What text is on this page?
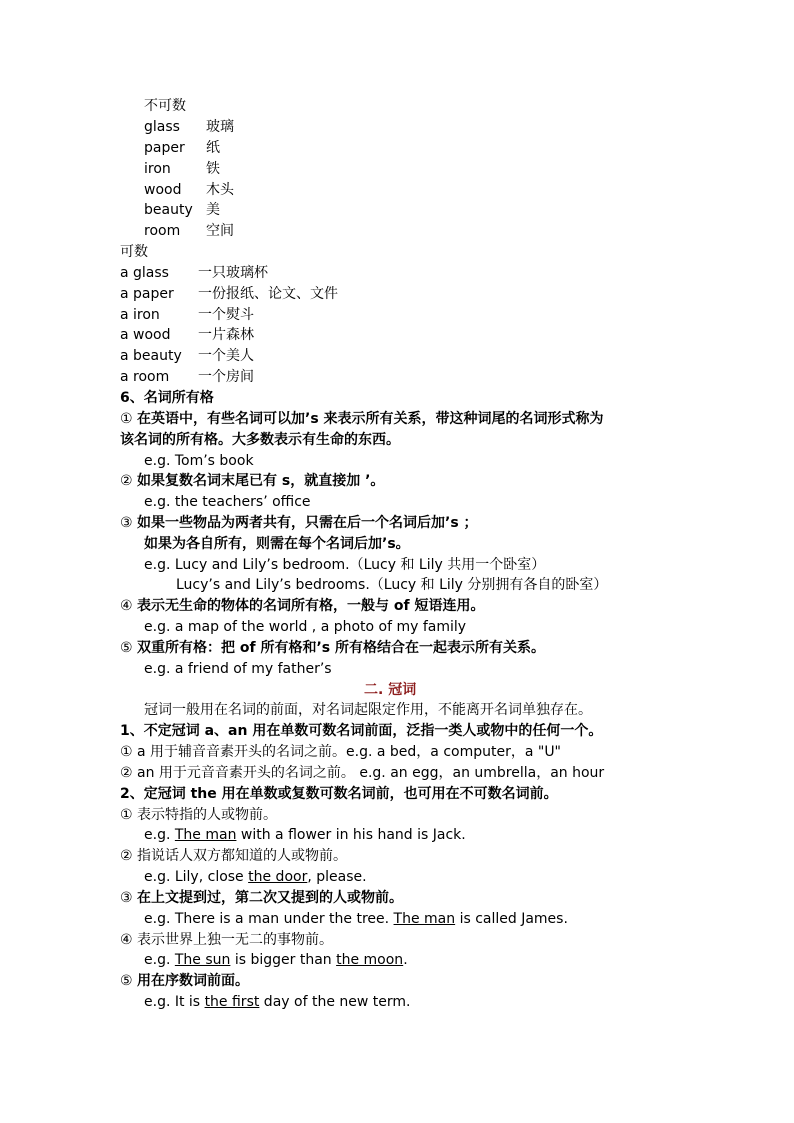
不可数
glass 玻璃
paper 纸
iron	铁
wood 木头
beauty 美
room 空间
可数
a glass 一只玻璃杯
a paper 一份报纸、论文、文件
a iron	一个熨斗
a wood 一片森林
a beauty 一个美人
a room 一个房间
6、名词所有格
① 在英语中，有些名词可以加’s 来表示所有关系，带这种词尾的名词形式称为
该名词的所有格。大多数表示有生命的东西。
e.g. Tom’s book
② 如果复数名词末尾已有 s，就直接加 ’。
e.g. the teachers’ office
③ 如果一些物品为两者共有，只需在后一个名词后加’s ；
如果为各自所有，则需在每个名词后加’s。
e.g. Lucy and Lily’s bedroom.（Lucy 和 Lily 共用一个卧室）
Lucy’s and Lily’s bedrooms.（Lucy 和 Lily 分别拥有各自的卧室）
④ 表示无生命的物体的名词所有格，一般与 of 短语连用。
e.g. a map of the world , a photo of my family
⑤ 双重所有格：把 of 所有格和’s 所有格结合在一起表示所有关系。
e.g. a friend of my father’s
二. 冠词
冠词一般用在名词的前面，对名词起限定作用，不能离开名词单独存在。
1、不定冠词 a、an 用在单数可数名词前面，泛指一类人或物中的任何一个。
① a 用于辅音音素开头的名词之前。e.g. a bed，a computer，a "U"
② an 用于元音音素开头的名词之前。 e.g. an egg，an umbrella，an hour
2、定冠词 the 用在单数或复数可数名词前，也可用在不可数名词前。
① 表示特指的人或物前。
e.g. The man with a flower in his hand is Jack.
② 指说话人双方都知道的人或物前。
e.g. Lily, close the door, please.
③ 在上文提到过，第二次又提到的人或物前。
e.g. There is a man under the tree. The man is called James.
④ 表示世界上独一无二的事物前。
e.g. The sun is bigger than the moon.
⑤ 用在序数词前面。
e.g. It is the first day of the new term.
